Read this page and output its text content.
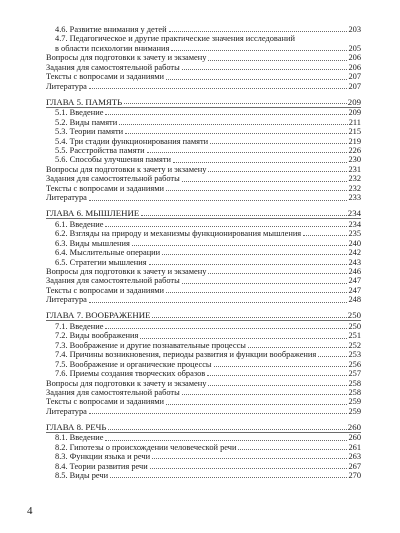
4.6. Развитие внимания у детей	203
4.7. Педагогическое и другие практические значения исследований
в области психологии внимания	205
Вопросы для подготовки к зачету и экзамену	206
Задания для самостоятельной работы	206
Тексты с вопросами и заданиями	207
Литература	207
ГЛАВА 5. ПАМЯТЬ	209
5.1. Введение	209
5.2. Виды памяти	211
5.3. Теории памяти	215
5.4. Три стадии функционирования памяти	219
5.5. Расстройства памяти	226
5.6. Способы улучшения памяти	230
Вопросы для подготовки к зачету и экзамену	231
Задания для самостоятельной работы	232
Тексты с вопросами и заданиями	232
Литература	233
ГЛАВА 6. МЫШЛЕНИЕ	234
6.1. Введение	234
6.2. Взгляды на природу и механизмы функционирования мышления	235
6.3. Виды мышления	240
6.4. Мыслительные операции	242
6.5. Стратегии мышления	243
Вопросы для подготовки к зачету и экзамену	246
Задания для самостоятельной работы	247
Тексты с вопросами и заданиями	247
Литература	248
ГЛАВА 7. ВООБРАЖЕНИЕ	250
7.1. Введение	250
7.2. Виды воображения	251
7.3. Воображение и другие познавательные процессы	252
7.4. Причины возникновения, периоды развития и функции воображения	253
7.5. Воображение и органические процессы	256
7.6. Приемы создания творческих образов	257
Вопросы для подготовки к зачету и экзамену	258
Задания для самостоятельной работы	258
Тексты с вопросами и заданиями	259
Литература	259
ГЛАВА 8. РЕЧЬ	260
8.1. Введение	260
8.2. Гипотезы о происхождении человеческой речи	261
8.3. Функции языка и речи	263
8.4. Теории развития речи	267
8.5. Виды речи	270
4
